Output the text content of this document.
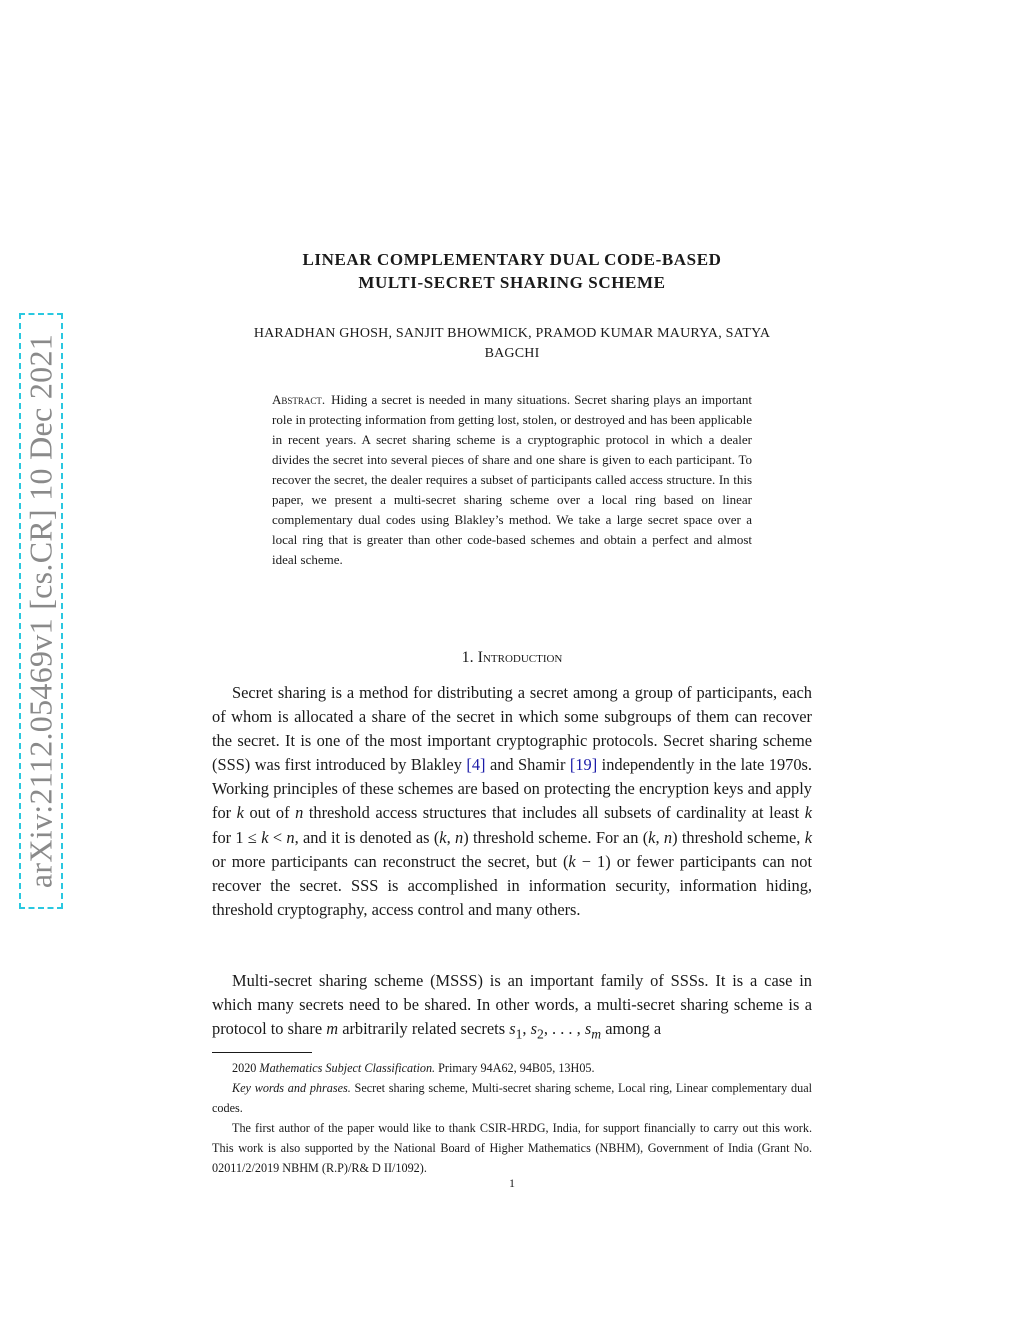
arXiv:2112.05469v1 [cs.CR] 10 Dec 2021
LINEAR COMPLEMENTARY DUAL CODE-BASED
MULTI-SECRET SHARING SCHEME
HARADHAN GHOSH, SANJIT BHOWMICK, PRAMOD KUMAR MAURYA, SATYA
BAGCHI
Abstract. Hiding a secret is needed in many situations. Secret sharing plays an important role in protecting information from getting lost, stolen, or destroyed and has been applicable in recent years. A secret sharing scheme is a cryptographic protocol in which a dealer divides the secret into several pieces of share and one share is given to each participant. To recover the secret, the dealer requires a subset of participants called access structure. In this paper, we present a multi-secret sharing scheme over a local ring based on linear complementary dual codes using Blakley’s method. We take a large secret space over a local ring that is greater than other code-based schemes and obtain a perfect and almost ideal scheme.
1. Introduction

Secret sharing is a method for distributing a secret among a group of participants, each of whom is allocated a share of the secret in which some subgroups of them can recover the secret. It is one of the most important cryptographic protocols. Secret sharing scheme (SSS) was first introduced by Blakley [4] and Shamir [19] independently in the late 1970s. Working principles of these schemes are based on protecting the encryption keys and apply for k out of n threshold access structures that includes all subsets of cardinality at least k for 1 ≤ k < n, and it is denoted as (k, n) threshold scheme. For an (k, n) threshold scheme, k or more participants can reconstruct the secret, but (k − 1) or fewer participants can not recover the secret. SSS is accomplished in information security, information hiding, threshold cryptography, access control and many others.

Multi-secret sharing scheme (MSSS) is an important family of SSSs. It is a case in which many secrets need to be shared. In other words, a multi-secret sharing scheme is a protocol to share m arbitrarily related secrets $s_1$, $s_2$, . . . , $s_m$ among a

2020 Mathematics Subject Classification. Primary 94A62, 94B05, 13H05.

Key words and phrases. Secret sharing scheme, Multi-secret sharing scheme, Local ring, Linear complementary dual codes.

The first author of the paper would like to thank CSIR-HRDG, India, for support financially to carry out this work. This work is also supported by the National Board of Higher Mathematics (NBHM), Government of India (Grant No. 02011/2/2019 NBHM (R.P)/R& D II/1092).

1
